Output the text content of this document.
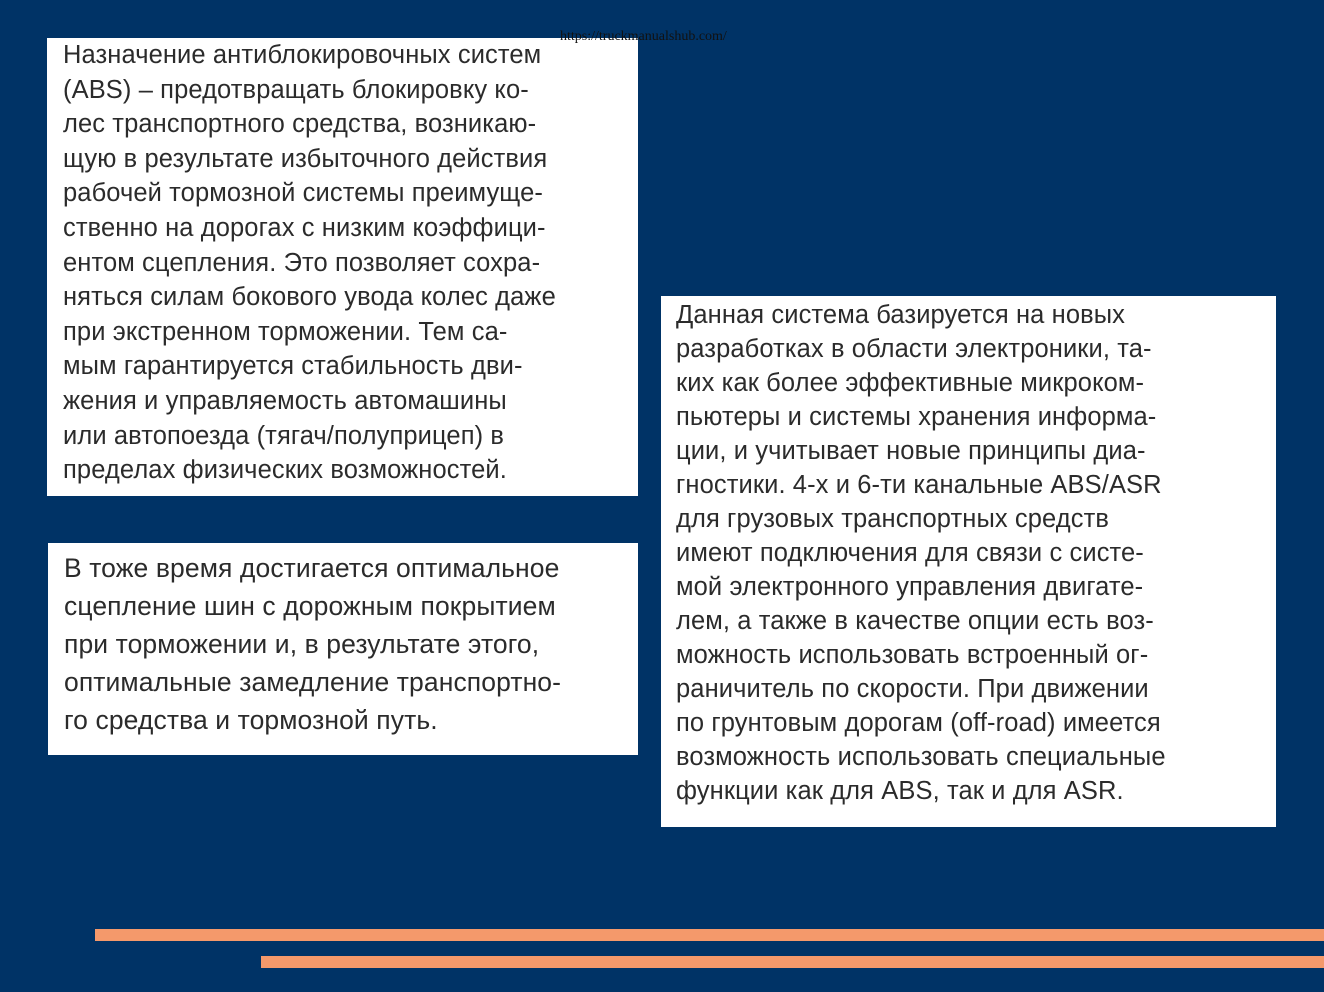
https://truckmanualshub.com/
Назначение антиблокировочных систем
(ABS) – предотвращать блокировку ко-
лес транспортного средства, возникаю-
щую в результате избыточного действия
рабочей тормозной системы преимуще-
ственно на дорогах с низким коэффици-
ентом сцепления. Это позволяет сохра-
няться силам бокового увода колес даже
при экстренном торможении. Тем са-
мым гарантируется стабильность дви-
жения и управляемость автомашины
или автопоезда (тягач/полуприцеп) в
пределах физических возможностей.
В тоже время достигается оптимальное
сцепление шин с дорожным покрытием
при торможении и, в результате этого,
оптимальные замедление транспортно-
го средства и тормозной путь.
Данная система базируется на новых
разработках в области электроники, та-
ких как более эффективные микроком-
пьютеры и системы хранения информа-
ции, и учитывает новые принципы диа-
гностики. 4-х и 6-ти канальные ABS/ASR
для грузовых транспортных средств
имеют подключения для связи с систе-
мой электронного управления двигате-
лем, а также в качестве опции есть воз-
можность использовать встроенный ог-
раничитель по скорости. При движении
по грунтовым дорогам (off-road) имеется
возможность использовать специальные
функции как для ABS, так и для ASR.
